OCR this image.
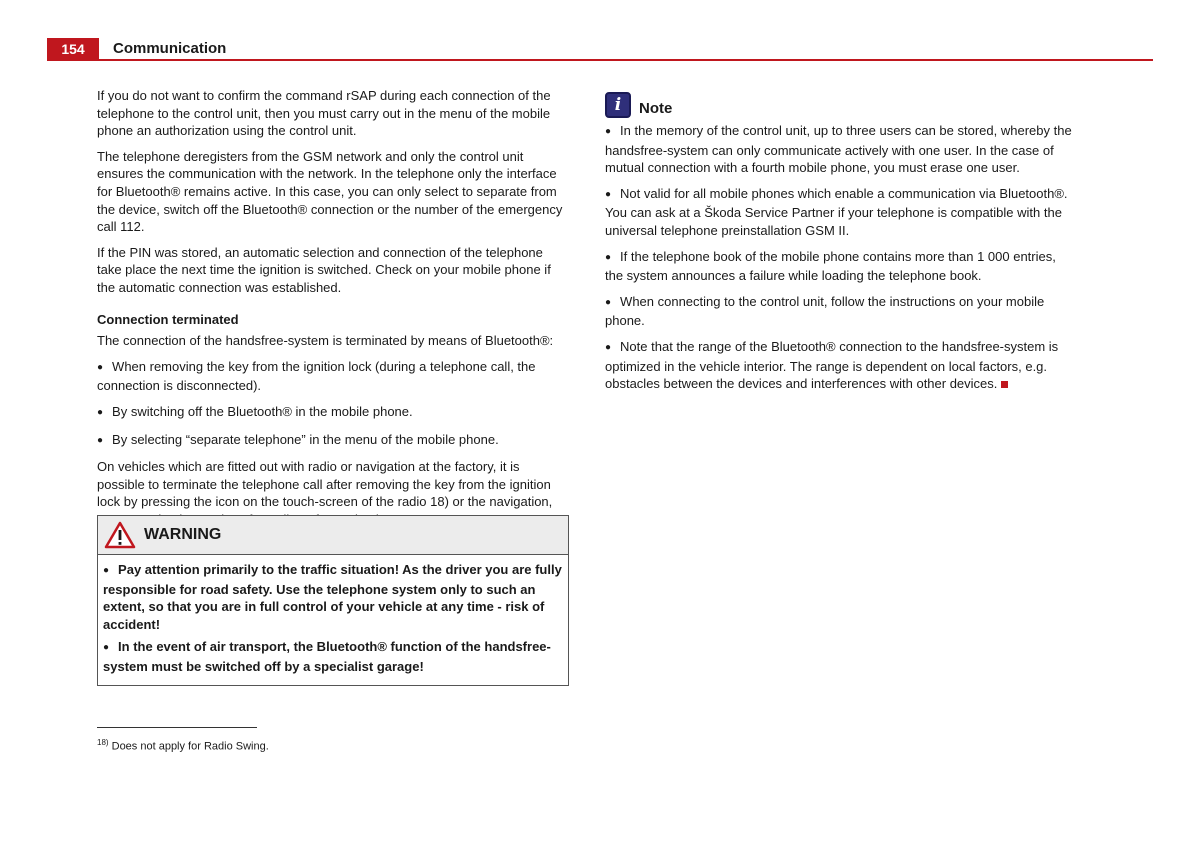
154	Communication

If you do not want to confirm the command rSAP during each connection of the telephone to the control unit, then you must carry out in the menu of the mobile phone an authorization using the control unit.

The telephone deregisters from the GSM network and only the control unit ensures the communication with the network. In the telephone only the interface for Bluetooth® remains active. In this case, you can only select to separate from the device, switch off the Bluetooth® connection or the number of the emergency call 112.

If the PIN was stored, an automatic selection and connection of the telephone take place the next time the ignition is switched. Check on your mobile phone if the automatic connection was established.

Connection terminated

The connection of the handsfree-system is terminated by means of Bluetooth®:

● When removing the key from the ignition lock (during a telephone call, the connection is disconnected).

● By switching off the Bluetooth® in the mobile phone.

● By selecting “separate telephone” in the menu of the mobile phone.

On vehicles which are fitted out with radio or navigation at the factory, it is possible to terminate the telephone call after removing the key from the ignition lock by pressing the icon on the touch-screen of the radio 18) or the navigation,

WARNING

● Pay attention primarily to the traffic situation! As the driver you are fully responsible for road safety. Use the telephone system only to such an extent, so that you are in full control of your vehicle at any time - risk of accident!

● In the event of air transport, the Bluetooth® function of the handsfree-system must be switched off by a specialist garage!

i	Note

● In the memory of the control unit, up to three users can be stored, whereby the handsfree-system can only communicate actively with one user. In the case of mutual connection with a fourth mobile phone, you must erase one user.

● Not valid for all mobile phones which enable a communication via Bluetooth®. You can ask at a Škoda Service Partner if your telephone is compatible with the universal telephone preinstallation GSM II.

● If the telephone book of the mobile phone contains more than 1 000 entries, the system announces a failure while loading the telephone book.

● When connecting to the control unit, follow the instructions on your mobile phone.

● Note that the range of the Bluetooth® connection to the handsfree-system is optimized in the vehicle interior. The range is dependent on local factors, e.g. obstacles between the devices and interferences with other devices.

$^{18)}$ Does not apply for Radio Swing.
